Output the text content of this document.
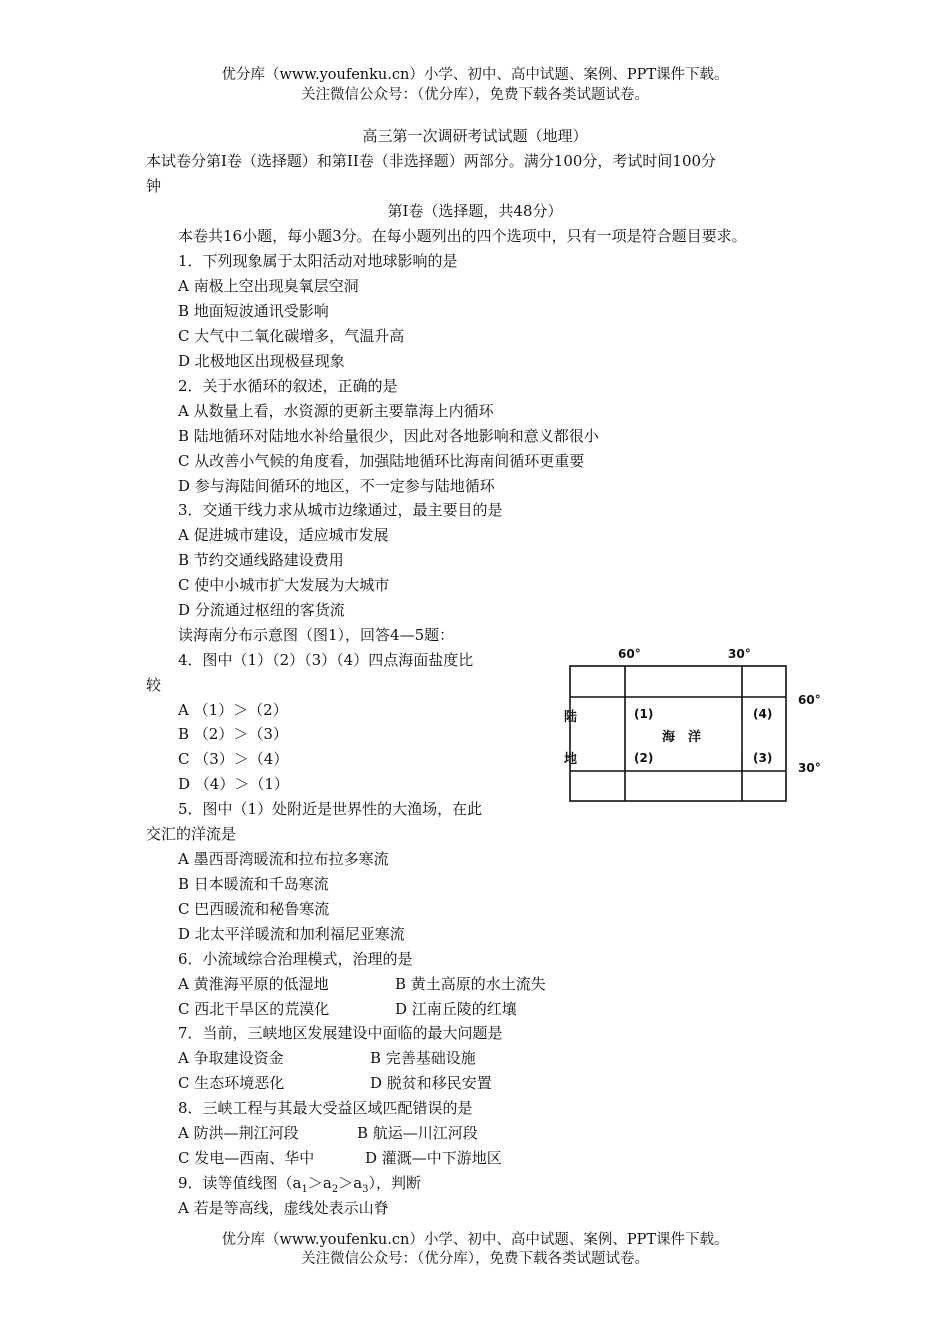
优分库（www.youfenku.cn）小学、初中、高中试题、案例、PPT课件下载。
关注微信公众号：（优分库），免费下载各类试题试卷。
高三第一次调研考试试题（地理）
本试卷分第I卷（选择题）和第II卷（非选择题）两部分。满分100分，考试时间100分
钟
第I卷（选择题，共48分）
本卷共16小题，每小题3分。在每小题列出的四个选项中，只有一项是符合题目要求。
1．下列现象属于太阳活动对地球影响的是
A 南极上空出现臭氧层空洞
B 地面短波通讯受影响
C 大气中二氧化碳增多，气温升高
D 北极地区出现极昼现象
2．关于水循环的叙述，正确的是
A 从数量上看，水资源的更新主要靠海上内循环
B 陆地循环对陆地水补给量很少，因此对各地影响和意义都很小
C 从改善小气候的角度看，加强陆地循环比海南间循环更重要
D 参与海陆间循环的地区，不一定参与陆地循环
3．交通干线力求从城市边缘通过，最主要目的是
A 促进城市建设，适应城市发展
B 节约交通线路建设费用
C 使中小城市扩大发展为大城市
D 分流通过枢纽的客货流
读海南分布示意图（图1），回答4—5题：
4．图中（1）（2）（3）（4）四点海面盐度比
较
A （1）＞（2）
B （2）＞（3）
C （3）＞（4）
D （4）＞（1）
5．图中（1）处附近是世界性的大渔场，在此
交汇的洋流是
A 墨西哥湾暖流和拉布拉多寒流
B 日本暖流和千岛寒流
C 巴西暖流和秘鲁寒流
D 北太平洋暖流和加利福尼亚寒流
6．小流域综合治理模式，治理的是
A 黄淮海平原的低湿地	B 黄土高原的水土流失
C 西北干旱区的荒漠化	D 江南丘陵的红壤
7．当前，三峡地区发展建设中面临的最大问题是
A 争取建设资金	B 完善基础设施
C 生态环境恶化	D 脱贫和移民安置
8．三峡工程与其最大受益区域匹配错误的是
A 防洪—荆江河段	B 航运—川江河段
C 发电—西南、华中	D 灌溉—中下游地区
9．读等值线图$(a_1>a_2>a_3)$，判断
A 若是等高线，虚线处表示山脊
优分库（www.youfenku.cn）小学、初中、高中试题、案例、PPT课件下载。
关注微信公众号：（优分库），免费下载各类试题试卷。
60°	30°
60°
30°
陆
地
海　洋
(1)
(2)	(3)
(4)
